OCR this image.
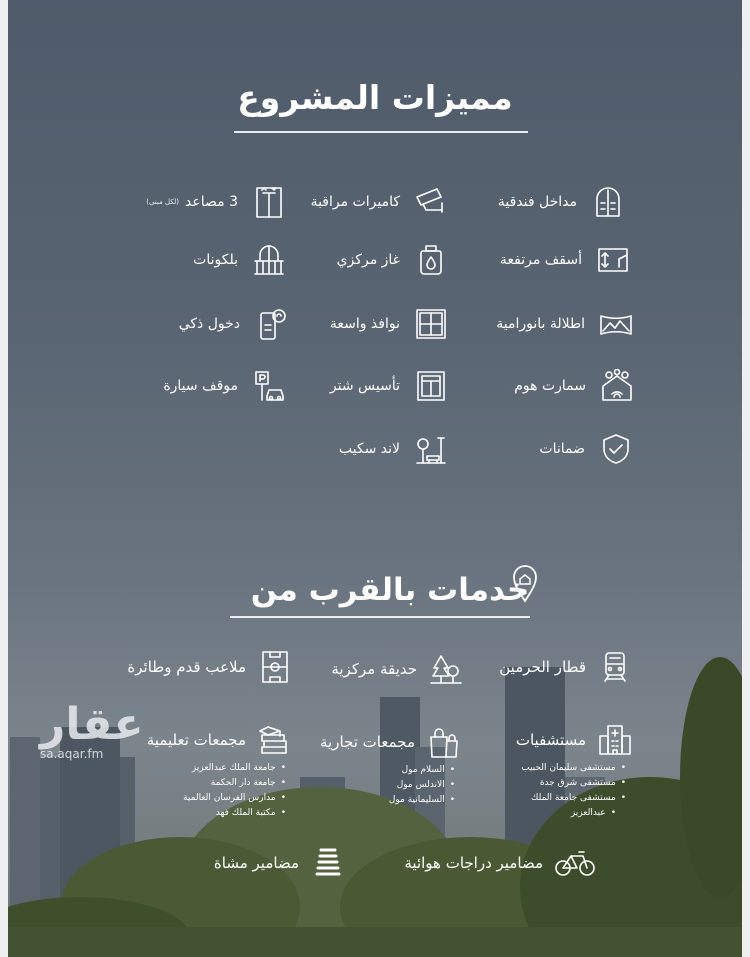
مميزات المشروع
مداخل فندقية
كاميرات مراقبة
3 مصاعد
(لكل مبنى)
أسقف مرتفعة
غاز مركزي
بلكونات
اطلالة بانورامية
نوافذ واسعة
دخول ذكي
سمارت هوم
تأسيس شتر
موقف سيارة
ضمانات
لاند سكيب
خدمات بالقرب من
قطار الحرمين
حديقة مركزية
ملاعب قدم وطائرة
مستشفيات
• مستشفى سليمان الحبيب
• مستشفى شرق جدة
• مستشفى جامعة الملك
• عبدالعزيز
مجمعات تجارية
• السلام مول
• الاندلس مول
• السليمانية مول
مجمعات تعليمية
• جامعة الملك عبدالعزيز
• جامعة دار الحكمة
• مدارس الفرسان العالمية
• مكتبة الملك فهد
مضامير دراجات هوائية
مضامير مشاة
عقار
sa.aqar.fm
